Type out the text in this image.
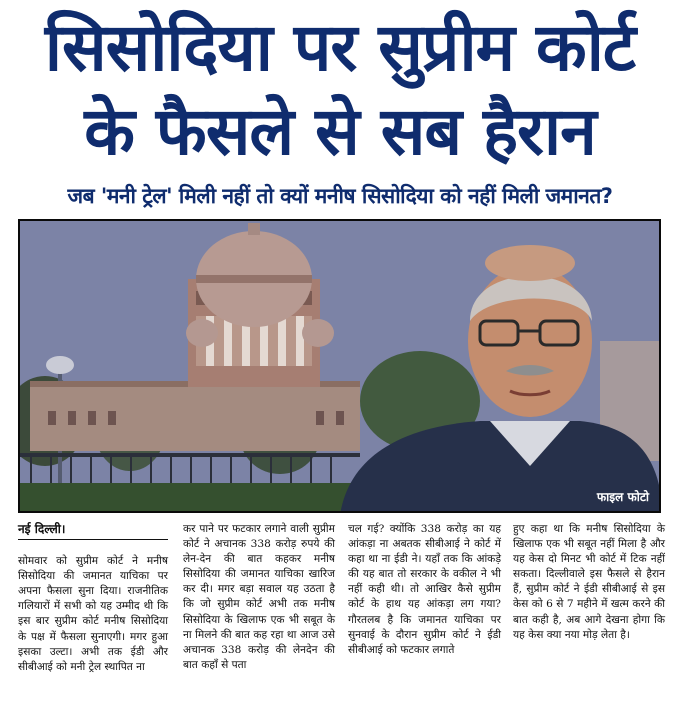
सिसोदिया पर सुप्रीम कोर्ट
के फैसले से सब हैरान
जब 'मनी ट्रेल' मिली नहीं तो क्यों मनीष सिसोदिया को नहीं मिली जमानत?
फाइल फोटो

नई दिल्ली।

सोमवार को सुप्रीम कोर्ट ने मनीष सिसोदिया की जमानत याचिका पर अपना फैसला सुना दिया। राजनीतिक गलियारों में सभी को यह उम्मीद थी कि इस बार सुप्रीम कोर्ट मनीष सिसोदिया के पक्ष में फैसला सुनाएगी। मगर हुआ इसका उल्टा। अभी तक ईडी और सीबीआई को मनी ट्रेल स्थापित ना

कर पाने पर फटकार लगाने वाली सुप्रीम कोर्ट ने अचानक 338 करोड़ रुपये की लेन-देन की बात कहकर मनीष सिसोदिया की जमानत याचिका खारिज कर दी। मगर बड़ा सवाल यह उठता है कि जो सुप्रीम कोर्ट अभी तक मनीष सिसोदिया के खिलाफ एक भी सबूत के ना मिलने की बात कह रहा था आज उसे अचानक 338 करोड़ की लेनदेन की बात कहाँ से पता

चल गई? क्योंकि 338 करोड़ का यह आंकड़ा ना अबतक सीबीआई ने कोर्ट में कहा था ना ईडी ने। यहाँ तक कि आंकड़े की यह बात तो सरकार के वकील ने भी नहीं कही थी। तो आखिर कैसे सुप्रीम कोर्ट के हाथ यह आंकड़ा लग गया? गौरतलब है कि जमानत याचिका पर सुनवाई के दौरान सुप्रीम कोर्ट ने ईडी सीबीआई को फटकार लगाते

हुए कहा था कि मनीष सिसोदिया के खिलाफ एक भी सबूत नहीं मिला है और यह केस दो मिनट भी कोर्ट में टिक नहीं सकता। दिल्लीवाले इस फैसले से हैरान हैं, सुप्रीम कोर्ट ने ईडी सीबीआई से इस केस को 6 से 7 महीने में खत्म करने की बात कही है, अब आगे देखना होगा कि यह केस क्या नया मोड़ लेता है।
